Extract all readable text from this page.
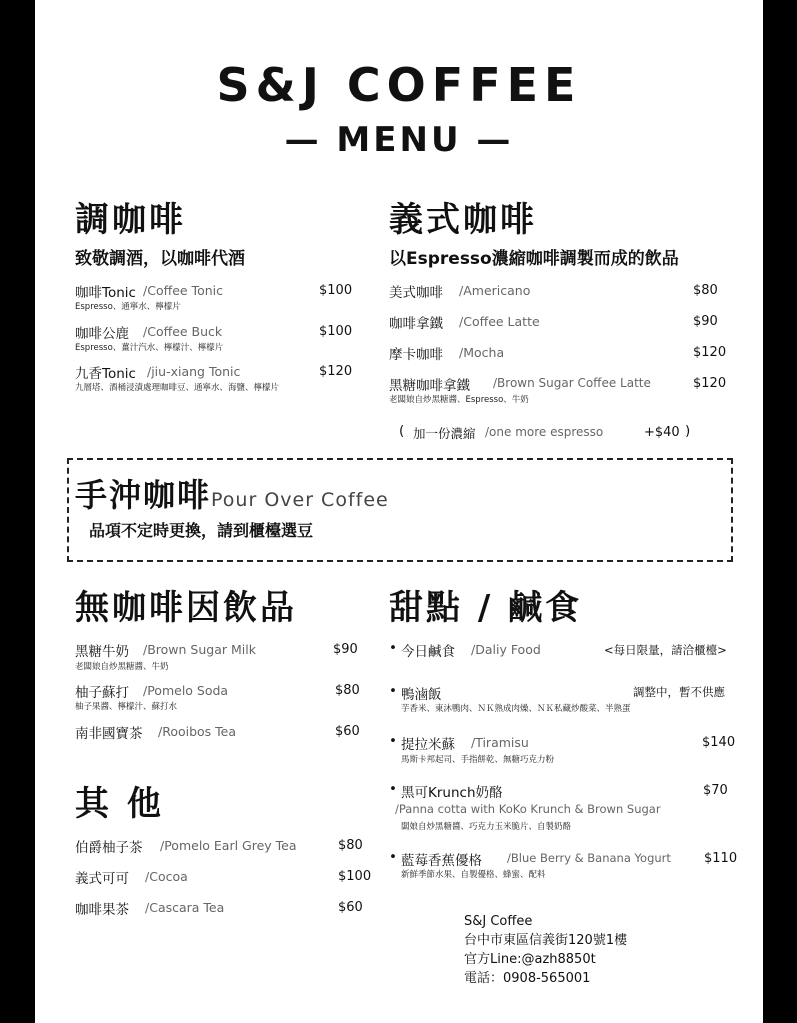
S&J COFFEE
— MENU —
調咖啡
致敬調酒，以咖啡代酒
咖啡Tonic /Coffee Tonic	$100
Espresso、通寧水、檸檬片
咖啡公鹿 /Coffee Buck	$100
Espresso、薑汁汽水、檸檬汁、檸檬片
九香Tonic /jiu-xiang Tonic	$120
九層塔、酒桶浸漬處理咖啡豆、通寧水、海鹽、檸檬片
義式咖啡
以Espresso濃縮咖啡調製而成的飲品
美式咖啡 /Americano	$80
咖啡拿鐵 /Coffee Latte	$90
摩卡咖啡 /Mocha	$120
黑糖咖啡拿鐵 /Brown Sugar Coffee Latte	$120
老闆娘自炒黑糖醬、Espresso、牛奶
( 加一份濃縮 /one more espresso	+$40 )
手沖咖啡Pour Over Coffee
品項不定時更換，請到櫃檯選豆
無咖啡因飲品
黑糖牛奶 /Brown Sugar Milk	$90
老闆娘自炒黑糖醬、牛奶
柚子蘇打 /Pomelo Soda	$80
柚子果醬、檸檬汁、蘇打水
南非國寶茶 /Rooibos Tea	$60
其 他
伯爵柚子茶 /Pomelo Earl Grey Tea	$80
義式可可 /Cocoa	$100
咖啡果茶 /Cascara Tea	$60
甜點 / 鹹食
• 今日鹹食 /Daliy Food	<每日限量，請洽櫃檯>
• 鴨滷飯	調整中，暫不供應
芋香米、東沐鴨肉、ＮＫ熟成肉燥、ＮＫ私藏炒酸菜、半熟蛋
• 提拉米蘇 /Tiramisu	$140
馬斯卡邦起司、手指餅乾、無糖巧克力粉
• 黑可Krunch奶酪	$70
/Panna cotta with KoKo Krunch & Brown Sugar
闆娘自炒黑糖醬、巧克力玉米脆片、自製奶酪
• 藍莓香蕉優格 /Blue Berry & Banana Yogurt	$110
新鮮季節水果、自製優格、蜂蜜、配料
S&J Coffee
台中市東區信義街120號1樓
官方Line:@azh8850t
電話：0908-565001
